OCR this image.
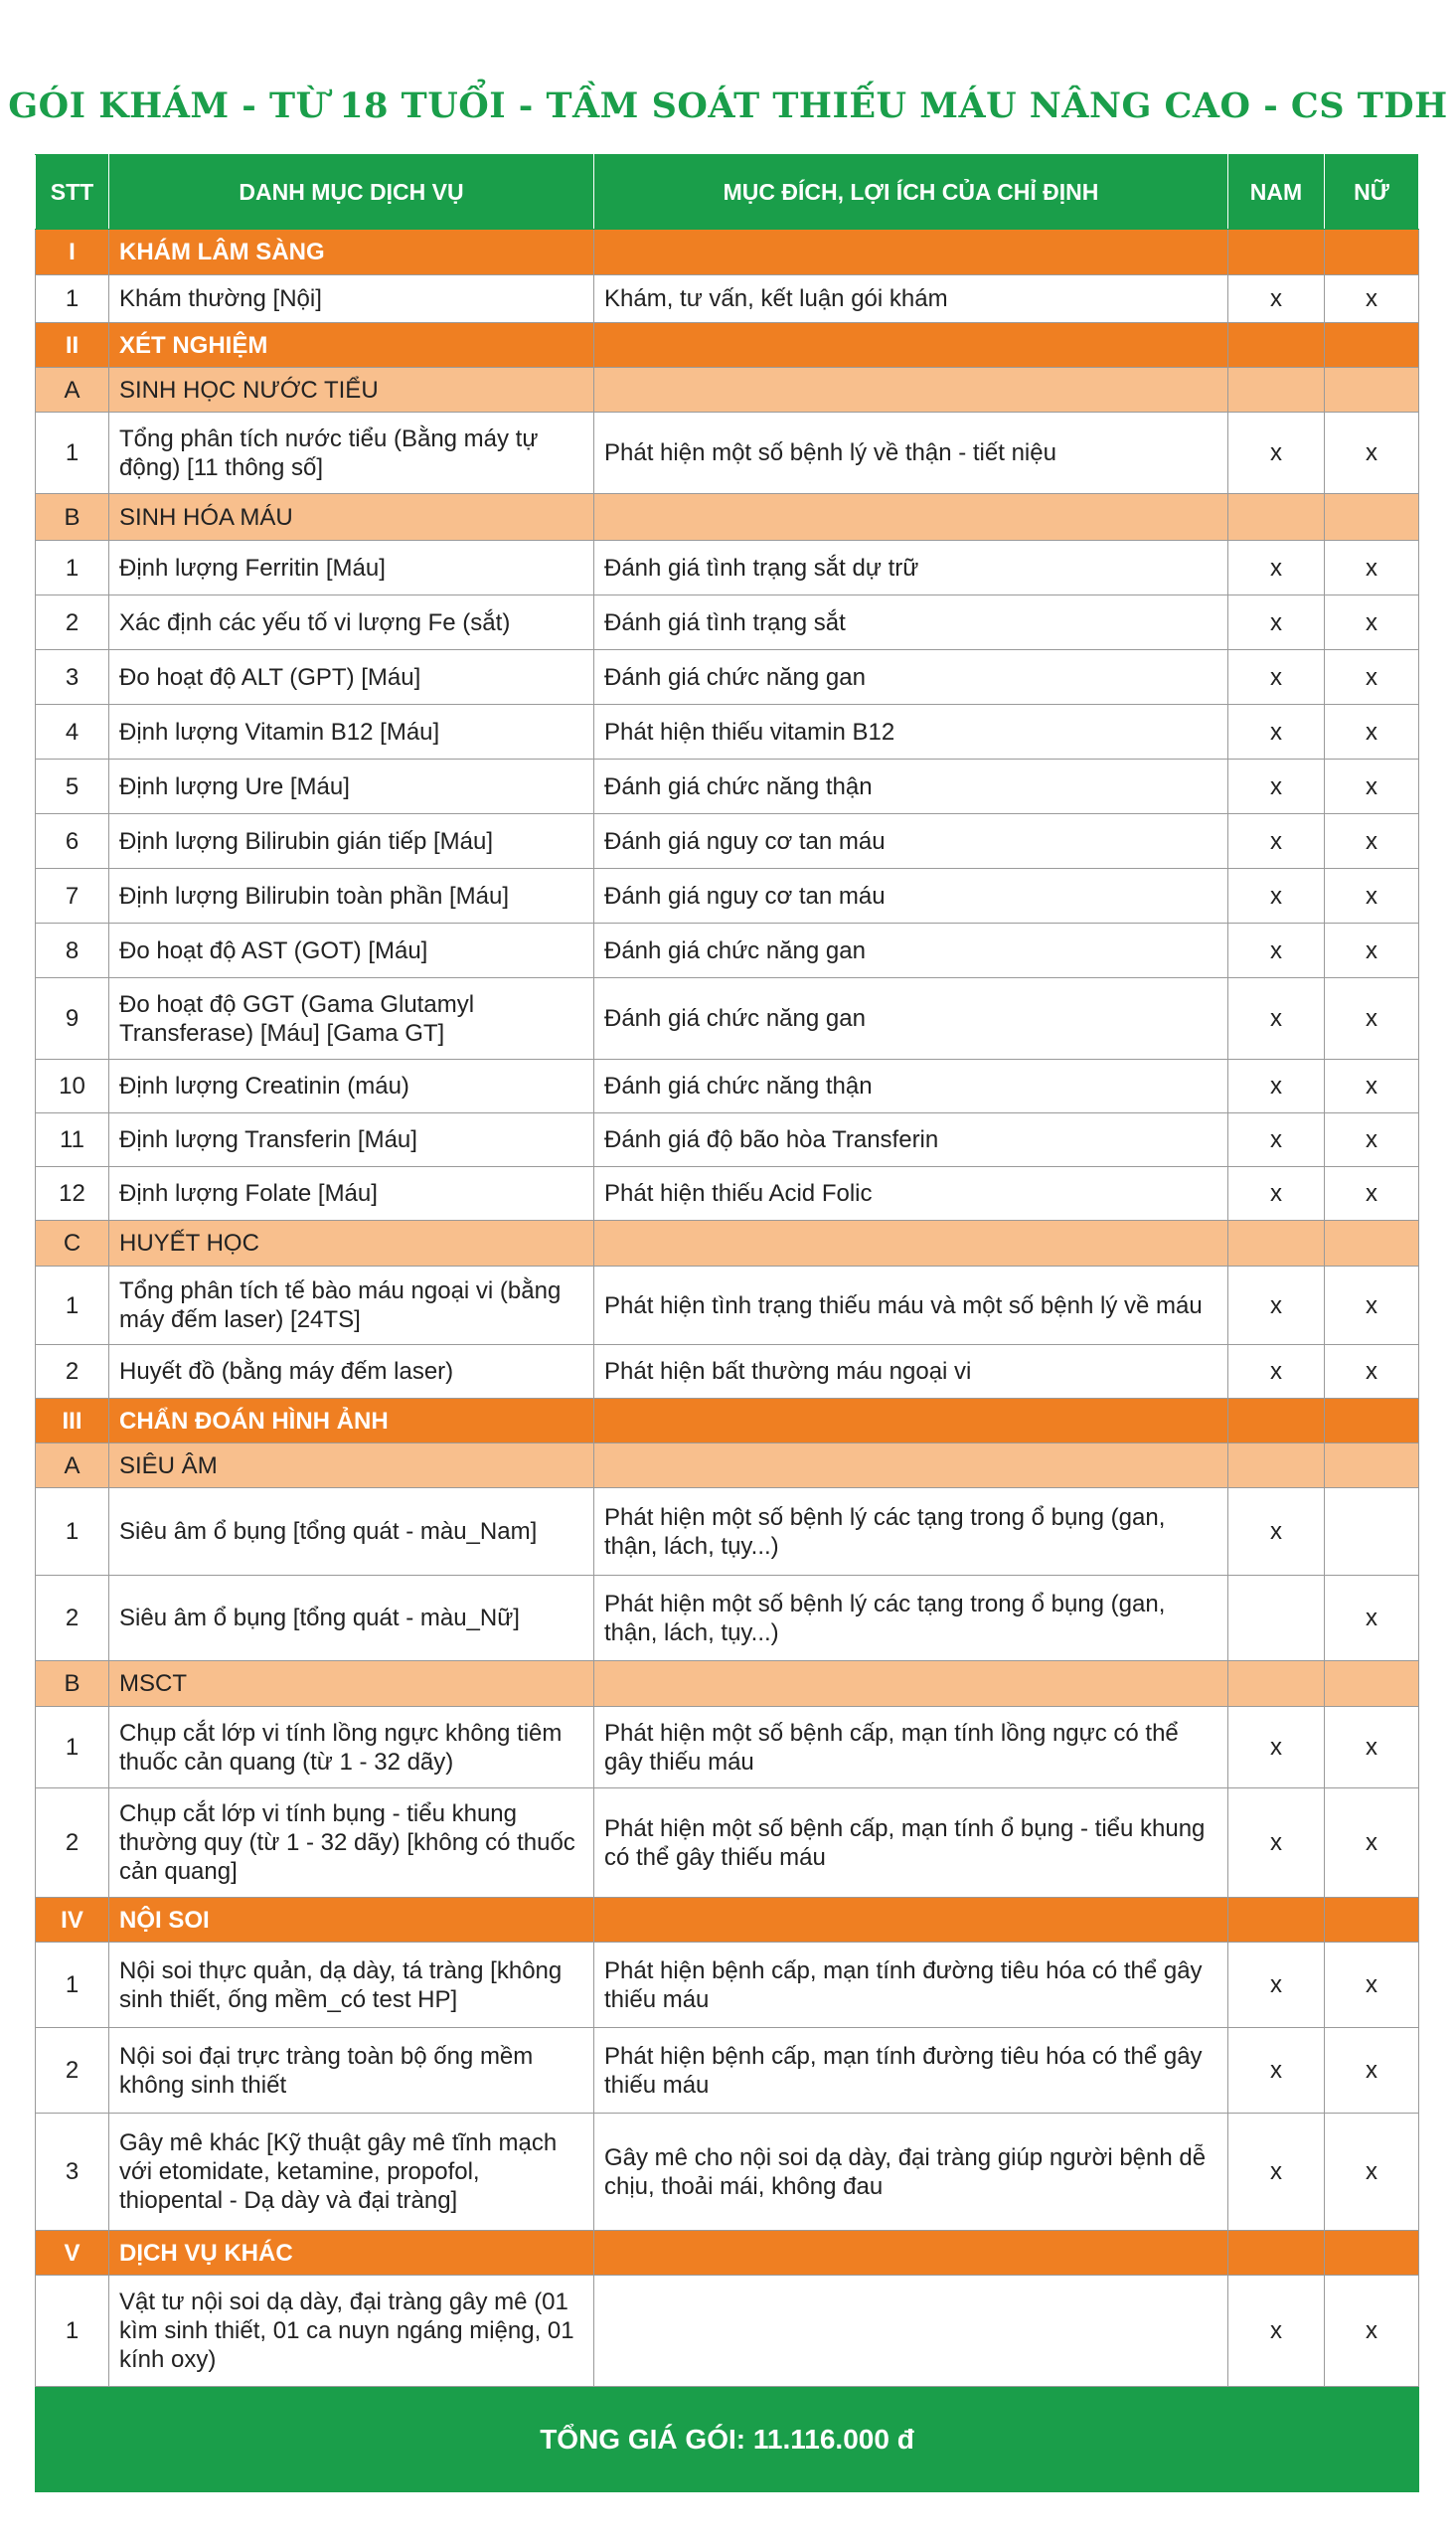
GÓI KHÁM - TỪ 18 TUỔI - TẦM SOÁT THIẾU MÁU NÂNG CAO - CS TDH
STT	DANH MỤC DỊCH VỤ	MỤC ĐÍCH, LỢI ÍCH CỦA CHỈ ĐỊNH	NAM	NỮ
I	KHÁM LÂM SÀNG			
1	Khám thường [Nội]	Khám, tư vấn, kết luận gói khám	x	x
II	XÉT NGHIỆM			
A	SINH HỌC NƯỚC TIỂU			
1	Tổng phân tích nước tiểu (Bằng máy tự động) [11 thông số]	Phát hiện một số bệnh lý về thận - tiết niệu	x	x
B	SINH HÓA MÁU			
1	Định lượng Ferritin [Máu]	Đánh giá tình trạng sắt dự trữ	x	x
2	Xác định các yếu tố vi lượng Fe (sắt)	Đánh giá tình trạng sắt	x	x
3	Đo hoạt độ ALT (GPT) [Máu]	Đánh giá chức năng gan	x	x
4	Định lượng Vitamin B12 [Máu]	Phát hiện thiếu vitamin B12	x	x
5	Định lượng Ure [Máu]	Đánh giá chức năng thận	x	x
6	Định lượng Bilirubin gián tiếp [Máu]	Đánh giá nguy cơ tan máu	x	x
7	Định lượng Bilirubin toàn phần [Máu]	Đánh giá nguy cơ tan máu	x	x
8	Đo hoạt độ AST (GOT) [Máu]	Đánh giá chức năng gan	x	x
9	Đo hoạt độ GGT (Gama Glutamyl Transferase) [Máu] [Gama GT]	Đánh giá chức năng gan	x	x
10	Định lượng Creatinin (máu)	Đánh giá chức năng thận	x	x
11	Định lượng Transferin [Máu]	Đánh giá độ bão hòa Transferin	x	x
12	Định lượng Folate [Máu]	Phát hiện thiếu Acid Folic	x	x
C	HUYẾT HỌC			
1	Tổng phân tích tế bào máu ngoại vi (bằng máy đếm laser) [24TS]	Phát hiện tình trạng thiếu máu và một số bệnh lý về máu	x	x
2	Huyết đồ (bằng máy đếm laser)	Phát hiện bất thường máu ngoại vi	x	x
III	CHẨN ĐOÁN HÌNH ẢNH			
A	SIÊU ÂM			
1	Siêu âm ổ bụng [tổng quát - màu_Nam]	Phát hiện một số bệnh lý các tạng trong ổ bụng (gan, thận, lách, tụy...)	x	
2	Siêu âm ổ bụng [tổng quát - màu_Nữ]	Phát hiện một số bệnh lý các tạng trong ổ bụng (gan, thận, lách, tụy...)		x
B	MSCT			
1	Chụp cắt lớp vi tính lồng ngực không tiêm thuốc cản quang (từ 1 - 32 dãy)	Phát hiện một số bệnh cấp, mạn tính lồng ngực có thể gây thiếu máu	x	x
2	Chụp cắt lớp vi tính bụng - tiểu khung thường quy (từ 1 - 32 dãy) [không có thuốc cản quang]	Phát hiện một số bệnh cấp, mạn tính ổ bụng - tiểu khung có thể gây thiếu máu	x	x
IV	NỘI SOI			
1	Nội soi thực quản, dạ dày, tá tràng [không sinh thiết, ống mềm_có test HP]	Phát hiện bệnh cấp, mạn tính đường tiêu hóa có thể gây thiếu máu	x	x
2	Nội soi đại trực tràng toàn bộ ống mềm không sinh thiết	Phát hiện bệnh cấp, mạn tính đường tiêu hóa có thể gây thiếu máu	x	x
3	Gây mê khác [Kỹ thuật gây mê tĩnh mạch với etomidate, ketamine, propofol, thiopental - Dạ dày và đại tràng]	Gây mê cho nội soi dạ dày, đại tràng giúp người bệnh dễ chịu, thoải mái, không đau	x	x
V	DỊCH VỤ KHÁC			
1	Vật tư nội soi dạ dày, đại tràng gây mê (01 kìm sinh thiết, 01 ca nuyn ngáng miệng, 01 kính oxy)		x	x
TỔNG GIÁ GÓI: 11.116.000 đ				
